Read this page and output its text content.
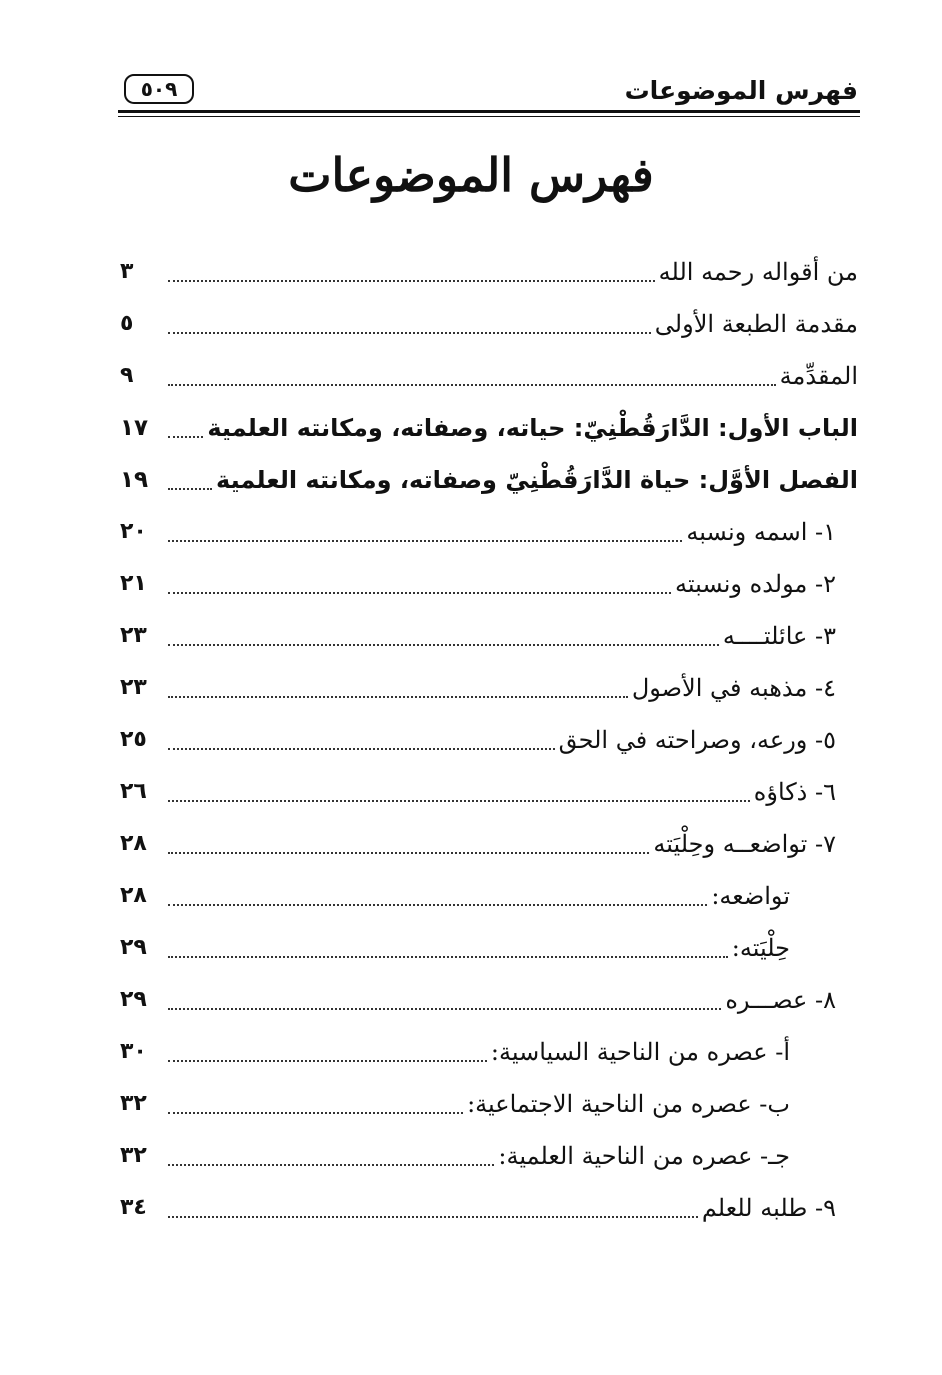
فهرس الموضوعات
٥٠٩
فهرس الموضوعات
من أقواله رحمه الله
٣
مقدمة الطبعة الأولى
٥
المقدِّمة
٩
الباب الأول: الدَّارَقُطْنِيّ: حياته، وصفاته، ومكانته العلمية
١٧
الفصل الأوَّل: حياة الدَّارَقُطْنِيّ وصفاته، ومكانته العلمية
١٩
١- اسمه ونسبه
٢٠
٢- مولده ونسبته
٢١
٣- عائلتــــه
٢٣
٤- مذهبه في الأصول
٢٣
٥- ورعه، وصراحته في الحق
٢٥
٦- ذكاؤه
٢٦
٧- تواضعــه وحِلْيَته
٢٨
تواضعه:
٢٨
حِلْيَته:
٢٩
٨- عصـــره
٢٩
أ- عصره من الناحية السياسية:
٣٠
ب- عصره من الناحية الاجتماعية:
٣٢
جـ- عصره من الناحية العلمية:
٣٢
٩- طلبه للعلم
٣٤
